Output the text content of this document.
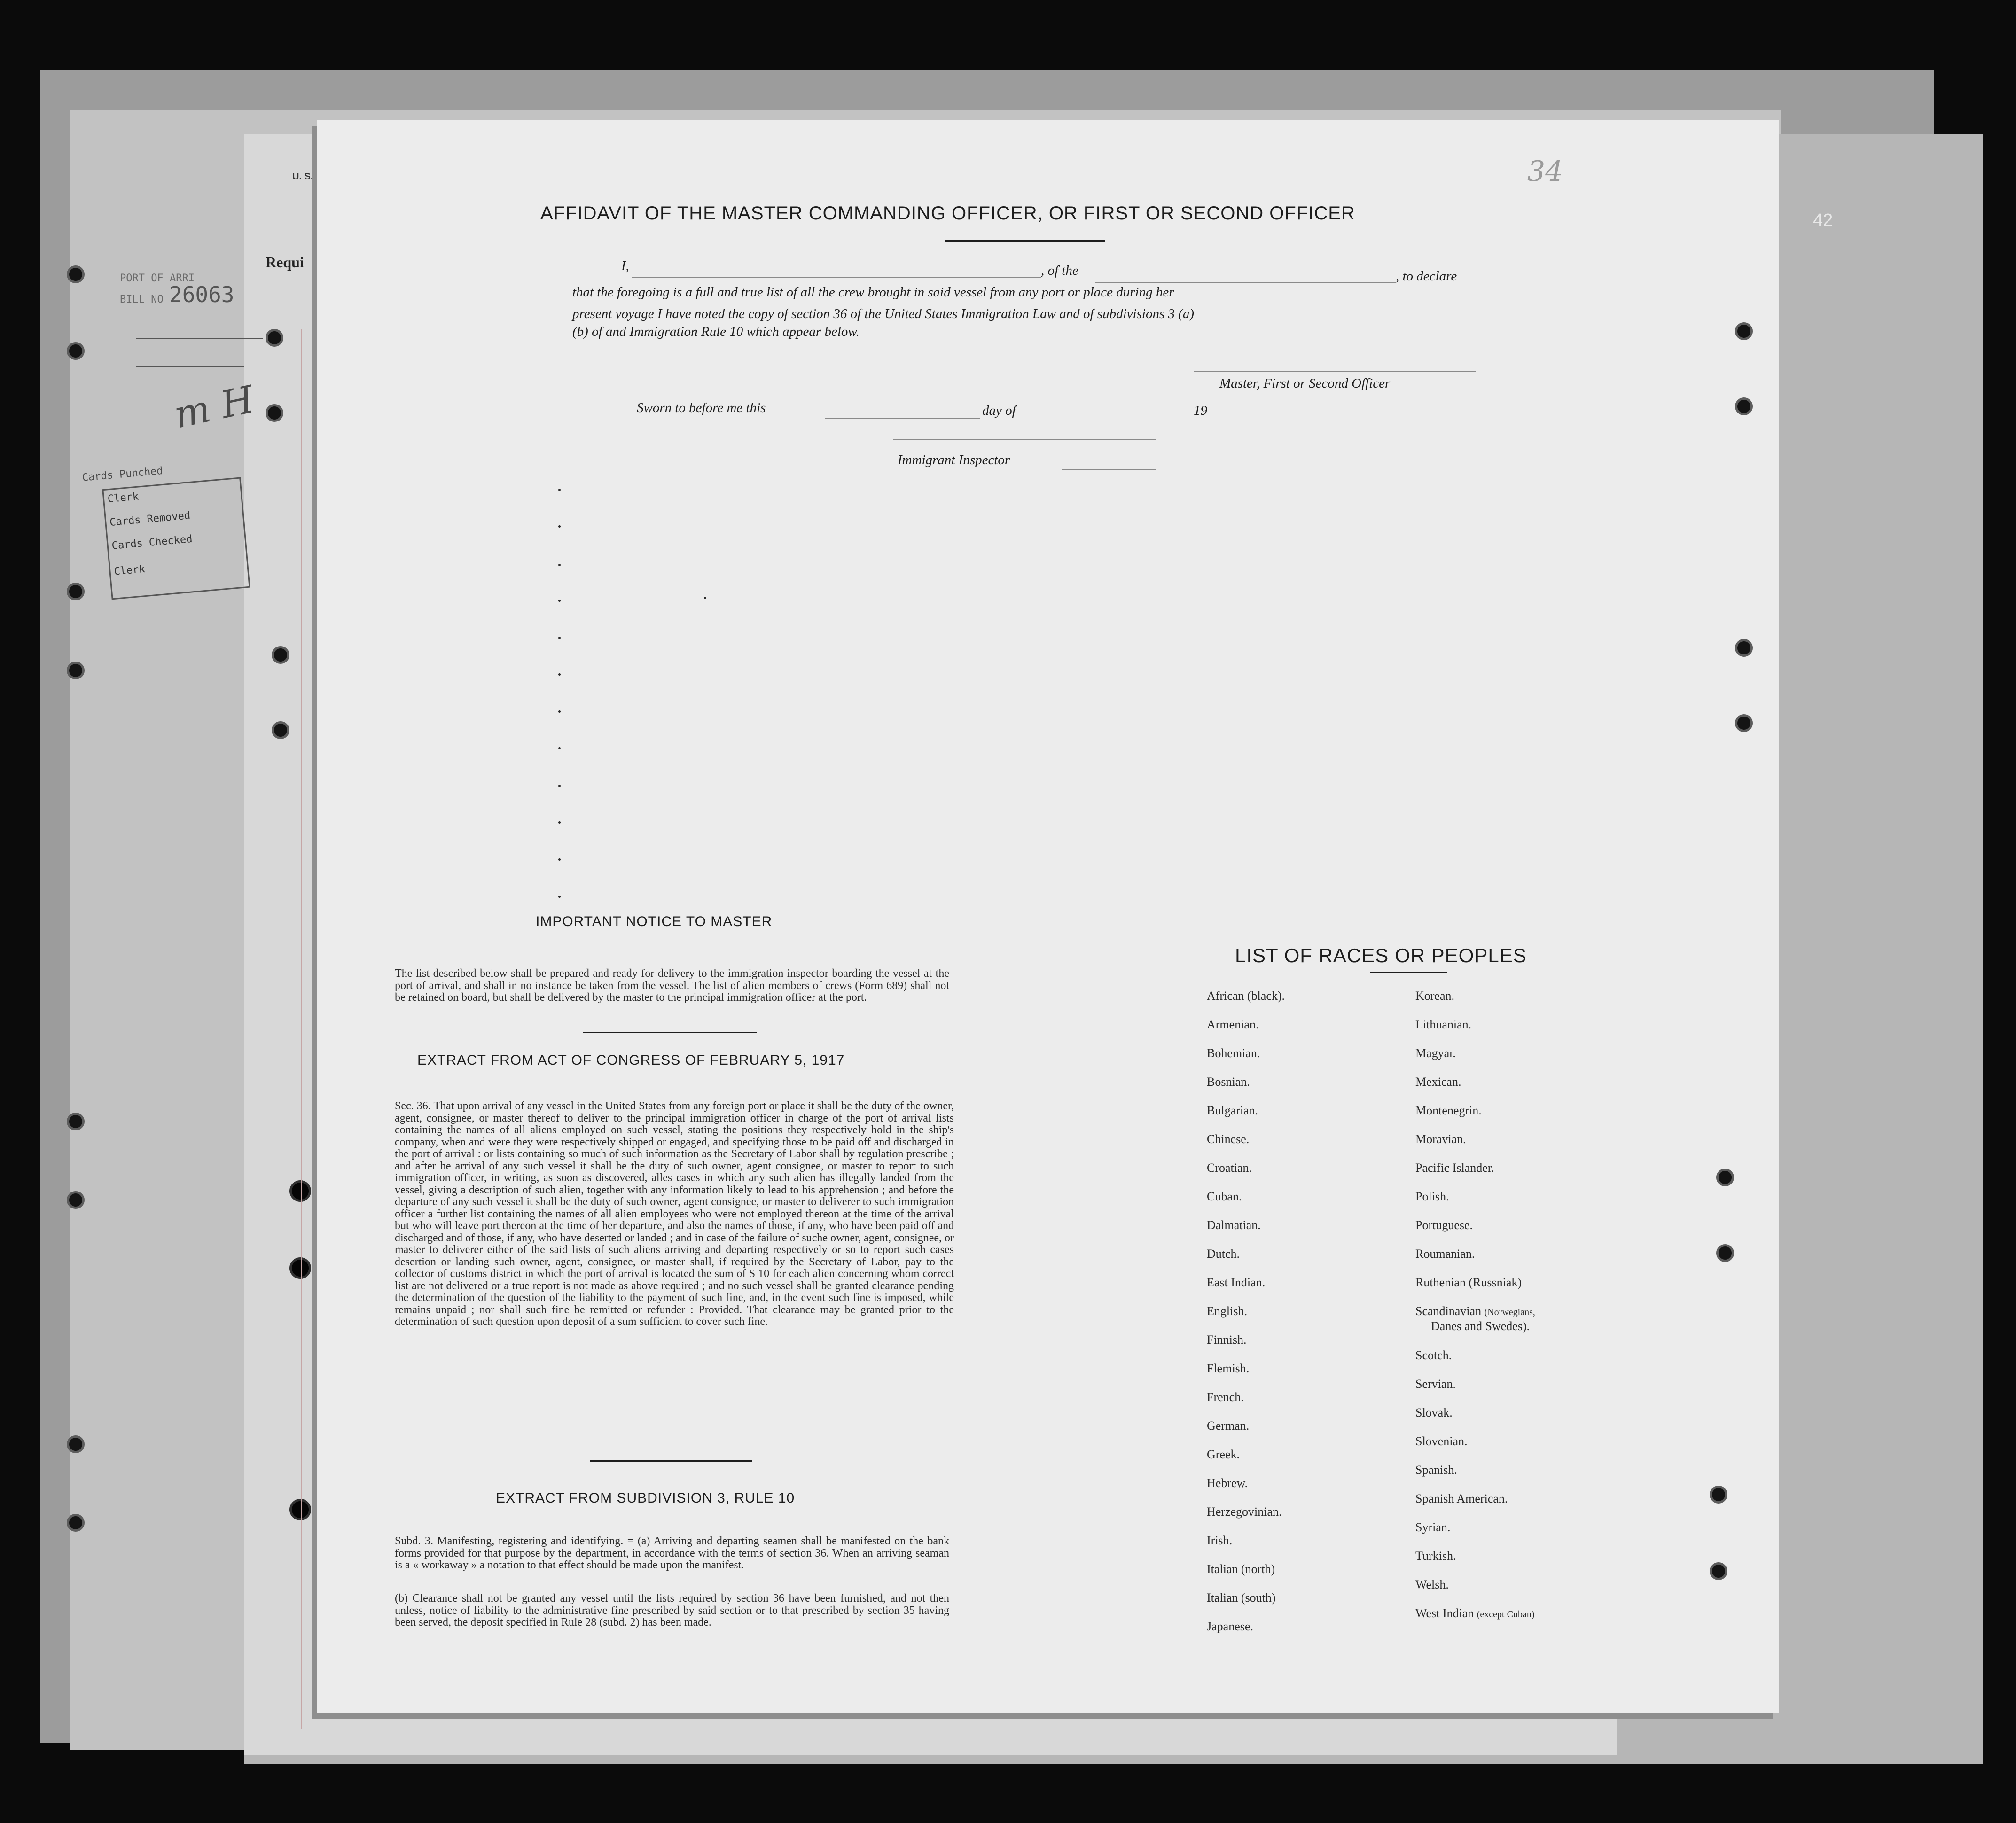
U. S.
Requi
PORT OF ARRI
BILL NO 26063
m H
Cards Punched
Clerk
Cards Removed
Cards Checked
Clerk
42
AFFIDAVIT OF THE MASTER COMMANDING OFFICER, OR FIRST OR SECOND OFFICER
I,	, of the	, to declare
that the foregoing is a full and true list of all the crew brought in said vessel from any port or place during her
present voyage I have noted the copy of section 36 of the United States Immigration Law and of subdivisions 3 (a)
(b) of and Immigration Rule 10 which appear below.
Master, First or Second Officer
Sworn to before me this	day of	19
Immigrant Inspector
IMPORTANT NOTICE TO MASTER
The list described below shall be prepared and ready for delivery to the immigration inspector boarding the vessel at the port of arrival, and shall in no instance be taken from the vessel. The list of alien members of crews (Form 689) shall not be retained on board, but shall be delivered by the master to the principal immigration officer at the port.
EXTRACT FROM ACT OF CONGRESS OF FEBRUARY 5, 1917
Sec. 36. That upon arrival of any vessel in the United States from any foreign port or place it shall be the duty of the owner, agent, consignee, or master thereof to deliver to the principal immigration officer in charge of the port of arrival lists containing the names of all aliens employed on such vessel, stating the positions they respectively hold in the ship's company, when and were they were respectively shipped or engaged, and specifying those to be paid off and discharged in the port of arrival : or lists containing so much of such information as the Secretary of Labor shall by regulation prescribe ; and after he arrival of any such vessel it shall be the duty of such owner, agent consignee, or master to report to such immigration officer, in writing, as soon as discovered, alles cases in which any such alien has illegally landed from the vessel, giving a description of such alien, together with any information likely to lead to his apprehension ; and before the departure of any such vessel it shall be the duty of such owner, agent consignee, or master to deliverer to such immigration officer a further list containing the names of all alien employees who were not employed thereon at the time of the arrival but who will leave port thereon at the time of her departure, and also the names of those, if any, who have been paid off and discharged and of those, if any, who have deserted or landed ; and in case of the failure of suche owner, agent, consignee, or master to deliverer either of the said lists of such aliens arriving and departing respectively or so to report such cases desertion or landing such owner, agent, consignee, or master shall, if required by the Secretary of Labor, pay to the collector of customs district in which the port of arrival is located the sum of $ 10 for each alien concerning whom correct list are not delivered or a true report is not made as above required ; and no such vessel shall be granted clearance pending the determination of the question of the liability to the payment of such fine, and, in the event such fine is imposed, while remains unpaid ; nor shall such fine be remitted or refunder : Provided. That clearance may be granted prior to the determination of such question upon deposit of a sum sufficient to cover such fine.
EXTRACT FROM SUBDIVISION 3, RULE 10
Subd. 3. Manifesting, registering and identifying. = (a) Arriving and departing seamen shall be manifested on the bank forms provided for that purpose by the department, in accordance with the terms of section 36. When an arriving seaman is a « workaway » a notation to that effect should be made upon the manifest.
(b) Clearance shall not be granted any vessel until the lists required by section 36 have been furnished, and not then unless, notice of liability to the administrative fine prescribed by said section or to that prescribed by section 35 having been served, the deposit specified in Rule 28 (subd. 2) has been made.
LIST OF RACES OR PEOPLES
African (black).
Armenian.
Bohemian.
Bosnian.
Bulgarian.
Chinese.
Croatian.
Cuban.
Dalmatian.
Dutch.
East Indian.
English.
Finnish.
Flemish.
French.
German.
Greek.
Hebrew.
Herzegovinian.
Irish.
Italian (north)
Italian (south)
Japanese.
Korean.
Lithuanian.
Magyar.
Mexican.
Montenegrin.
Moravian.
Pacific Islander.
Polish.
Portuguese.
Roumanian.
Ruthenian (Russniak)
Scandinavian (Norwegians,
Danes and Swedes).
Scotch.
Servian.
Slovak.
Slovenian.
Spanish.
Spanish American.
Syrian.
Turkish.
Welsh.
West Indian (except Cuban)
34
